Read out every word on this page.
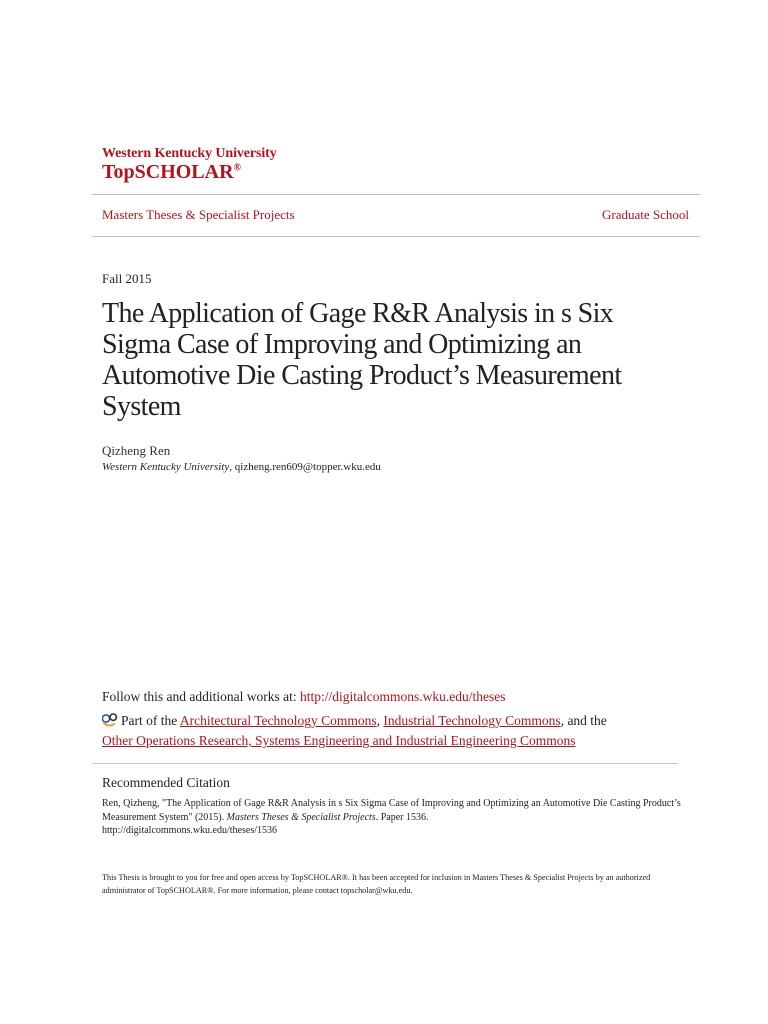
Western Kentucky University
TopSCHOLAR®
Masters Theses & Specialist Projects	Graduate School
Fall 2015
The Application of Gage R&R Analysis in s Six Sigma Case of Improving and Optimizing an Automotive Die Casting Product’s Measurement System
Qizheng Ren
Western Kentucky University, qizheng.ren609@topper.wku.edu
Follow this and additional works at: http://digitalcommons.wku.edu/theses
Part of the Architectural Technology Commons, Industrial Technology Commons, and the
Other Operations Research, Systems Engineering and Industrial Engineering Commons
Recommended Citation
Ren, Qizheng, "The Application of Gage R&R Analysis in s Six Sigma Case of Improving and Optimizing an Automotive Die Casting Product’s Measurement System" (2015). Masters Theses & Specialist Projects. Paper 1536.
http://digitalcommons.wku.edu/theses/1536
This Thesis is brought to you for free and open access by TopSCHOLAR®. It has been accepted for inclusion in Masters Theses & Specialist Projects by an authorized administrator of TopSCHOLAR®. For more information, please contact topscholar@wku.edu.
